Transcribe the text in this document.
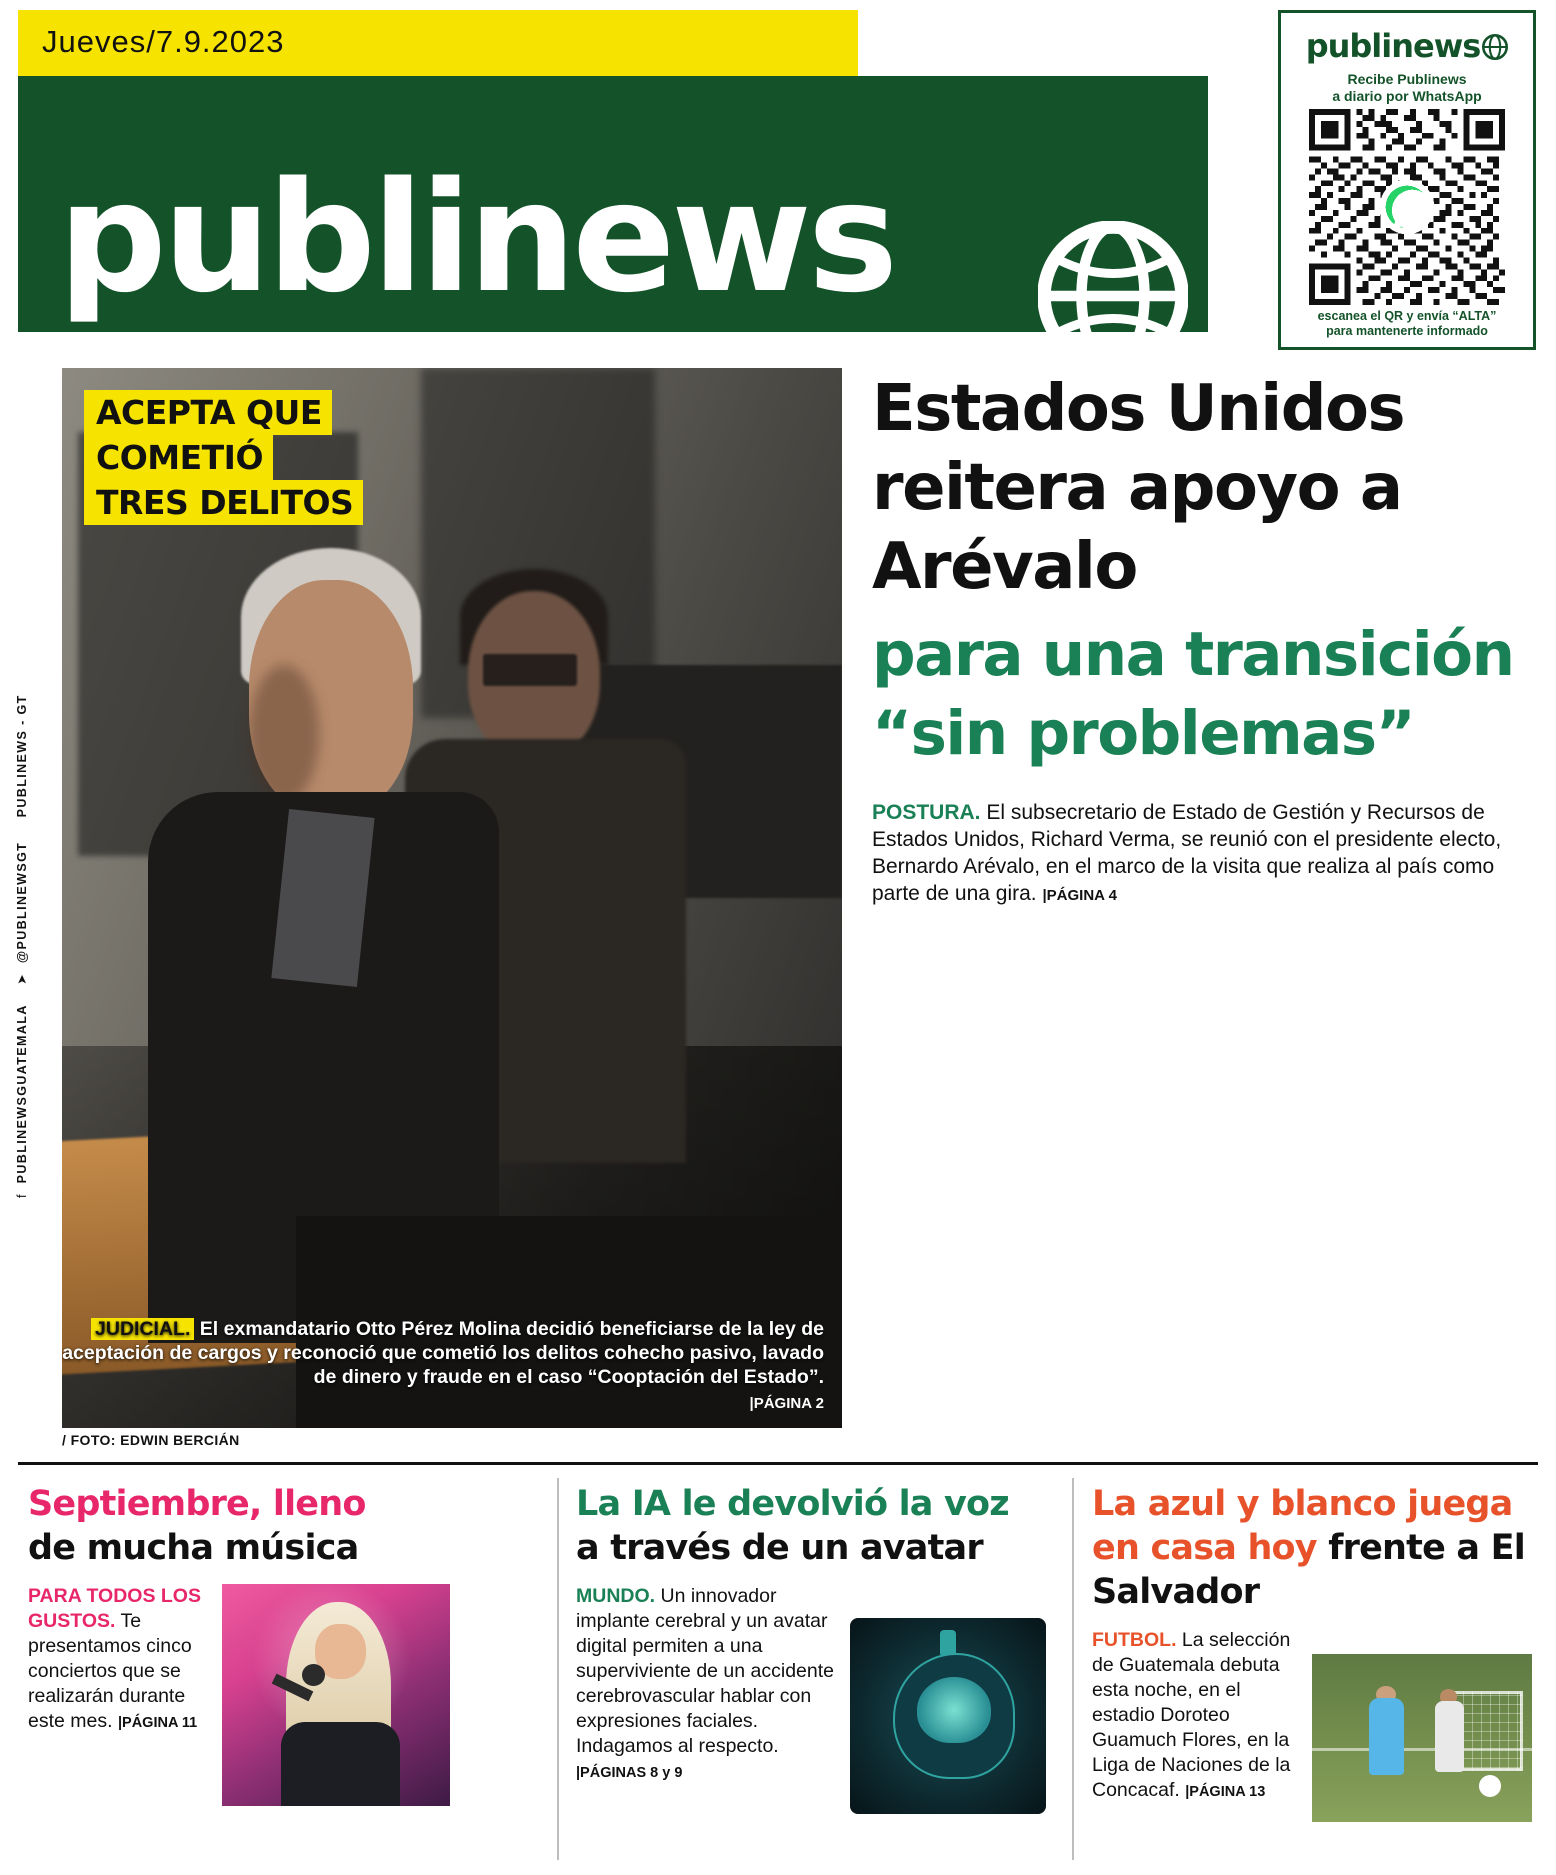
Jueves/7.9.2023
publinews
publinews
Recibe Publinews
a diario por WhatsApp
escanea el QR y envía “ALTA”
para mantenerte informado
f  PUBLINEWSGUATEMALA    ➤  @PUBLINEWSGT     PUBLINEWS - GT
ACEPTA QUE
COMETIÓ
TRES DELITOS
JUDICIAL. El exmandatario Otto Pérez Molina decidió beneficiarse de la ley de aceptación de cargos y reconoció que cometió los delitos cohecho pasivo, lavado de dinero y fraude en el caso “Cooptación del Estado”.
|PÁGINA 2
/ FOTO: EDWIN BERCIÁN
Estados Unidos reitera apoyo a Arévalo
para una transición “sin problemas”
POSTURA. El subsecretario de Estado de Gestión y Recursos de Estados Unidos, Richard Verma, se reunió con el presidente electo, Bernardo Arévalo, en el marco de la visita que realiza al país como parte de una gira. |PÁGINA 4
Septiembre, lleno
de mucha música
PARA TODOS LOS GUSTOS. Te presentamos cinco conciertos que se realizarán durante este mes. |PÁGINA 11
La IA le devolvió la voz
a través de un avatar
MUNDO. Un innovador implante cerebral y un avatar digital permiten a una superviviente de un accidente cerebrovascular hablar con expresiones faciales. Indagamos al respecto. |PÁGINAS 8 y 9
La azul y blanco juega en casa hoy frente a El Salvador
FUTBOL. La selección de Guatemala debuta esta noche, en el estadio Doroteo Guamuch Flores, en la Liga de Naciones de la Concacaf. |PÁGINA 13
